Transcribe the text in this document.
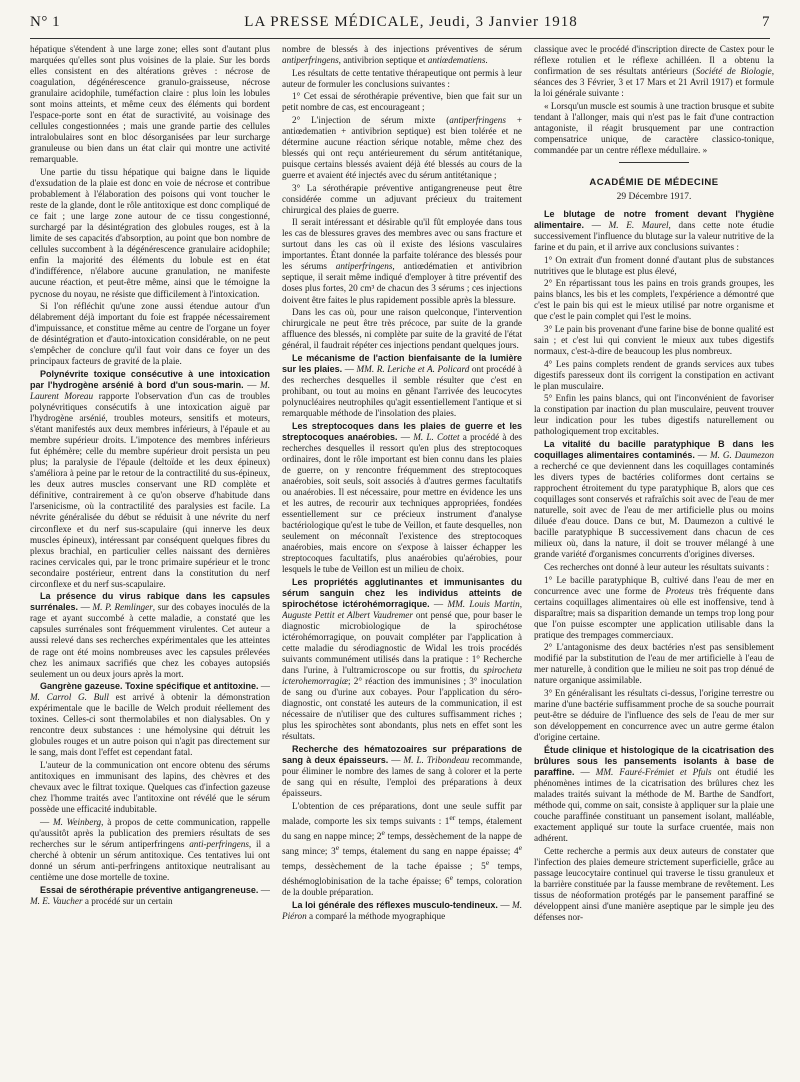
N° 1	LA PRESSE MÉDICALE, Jeudi, 3 Janvier 1918	7

hépatique s'étendent à une large zone; elles sont d'autant plus marquées qu'elles sont plus voisines de la plaie. Sur les bords elles consistent en des altérations grèves : nécrose de coagulation, dégénérescence granulo-graisseuse, nécrose granulaire acidophile, tuméfaction claire : plus loin les lobules sont moins atteints, et même ceux des éléments qui bordent l'espace-porte sont en état de suractivité, au voisinage des cellules congestionnées ; mais une grande partie des cellules intralobulaires sont en bloc désorganisées par leur surcharge granuleuse ou bien dans un état clair qui montre une activité remarquable.

Une partie du tissu hépatique qui baigne dans le liquide d'exsudation de la plaie est donc en voie de nécrose et contribue probablement à l'élaboration des poisons qui vont toucher le reste de la glande, dont le rôle antitoxique est donc compliqué de ce fait ; une large zone autour de ce tissu congestionné, surchargé par la désintégration des globules rouges, est à la limite de ses capacités d'absorption, au point que bon nombre de cellules succombent à la dégénérescence granulaire acidophile; enfin la majorité des éléments du lobule est en état d'indifférence, n'élabore aucune granulation, ne manifeste aucune réaction, et peut-être même, ainsi que le témoigne la pycnose du noyau, ne résiste que difficilement à l'intoxication.

Si l'on réfléchit qu'une zone aussi étendue autour d'un délabrement déjà important du foie est frappée nécessairement d'impuissance, et constitue même au centre de l'organe un foyer de désintégration et d'auto-intoxication considérable, on ne peut s'empêcher de conclure qu'il faut voir dans ce foyer un des principaux facteurs de gravité de la plaie.

Polynévrite toxique consécutive à une intoxication par l'hydrogène arsénié à bord d'un sous-marin. — M. Laurent Moreau rapporte l'observation d'un cas de troubles polynévritiques consécutifs à une intoxication aiguë par l'hydrogène arsénié, troubles moteurs, sensitifs et moteurs, s'étant manifestés aux deux membres inférieurs, à l'épaule et au membre supérieur droits. L'impotence des membres inférieurs fut éphémère; celle du membre supérieur droit persista un peu plus; la paralysie de l'épaule (deltoïde et les deux épineux) s'améliora à peine par le retour de la contractilité du sus-épineux, les deux autres muscles conservant une RD complète et définitive, contrairement à ce qu'on observe d'habitude dans l'arsenicisme, où la contractilité des paralysies est facile. La névrite généralisée du début se réduisit à une névrite du nerf circonflexe et du nerf sus-scapulaire (qui innerve les deux muscles épineux), intéressant par conséquent quelques fibres du plexus brachial, en particulier celles naissant des dernières racines cervicales qui, par le tronc primaire supérieur et le tronc secondaire postérieur, entrent dans la constitution du nerf circonflexe et du nerf sus-scapulaire.

La présence du virus rabique dans les capsules surrénales. — M. P. Remlinger, sur des cobayes inoculés de la rage et ayant succombé à cette maladie, a constaté que les capsules surrénales sont fréquemment virulentes. Cet auteur a aussi relevé dans ses recherches expérimentales que les atteintes de rage ont été moins nombreuses avec les capsules prélevées chez les animaux sacrifiés que chez les cobayes autopsiés seulement un ou deux jours après la mort.

Gangrène gazeuse. Toxine spécifique et antitoxine. — M. Carrol G. Bull est arrivé à obtenir la démonstration expérimentale que le bacille de Welch produit réellement des toxines. Celles-ci sont thermolabiles et non dialysables. On y rencontre deux substances : une hémolysine qui détruit les globules rouges et un autre poison qui n'agit pas directement sur le sang, mais dont l'effet est cependant fatal.

L'auteur de la communication ont encore obtenu des sérums antitoxiques en immunisant des lapins, des chèvres et des chevaux avec le filtrat toxique. Quelques cas d'infection gazeuse chez l'homme traités avec l'antitoxine ont révélé que le sérum possède une efficacité indubitable.

— M. Weinberg, à propos de cette communication, rappelle qu'aussitôt après la publication des premiers résultats de ses recherches sur le sérum antiperfringens anti-perfringens, il a cherché à obtenir un sérum antitoxique. Ces tentatives lui ont donné un sérum anti-perfringens antitoxique neutralisant au centième une dose mortelle de toxine.

Essai de sérothérapie préventive antigangreneuse. — M. E. Vaucher a procédé sur un certain

nombre de blessés à des injections préventives de sérum antiperfringens, antivibrion septique et antiœdematiens.

Les résultats de cette tentative thérapeutique ont permis à leur auteur de formuler les conclusions suivantes :

1° Cet essai de sérothérapie préventive, bien que fait sur un petit nombre de cas, est encourageant ;

2° L'injection de sérum mixte (antiperfringens + antiœdematien + antivibrion septique) est bien tolérée et ne détermine aucune réaction sérique notable, même chez des blessés qui ont reçu antérieurement du sérum antitétanique, puisque certains blessés avaient déjà été blessés au cours de la guerre et avaient été injectés avec du sérum antitétanique ;

3° La sérothérapie préventive antigangreneuse peut être considérée comme un adjuvant précieux du traitement chirurgical des plaies de guerre.

Il serait intéressant et désirable qu'il fût employée dans tous les cas de blessures graves des membres avec ou sans fracture et surtout dans les cas où il existe des lésions vasculaires importantes. Étant donnée la parfaite tolérance des blessés pour les sérums antiperfringens, antiœdématien et antivibrion septique, il serait même indiqué d'employer à titre préventif des doses plus fortes, 20 cm³ de chacun des 3 sérums ; ces injections doivent être faites le plus rapidement possible après la blessure.

Dans les cas où, pour une raison quelconque, l'intervention chirurgicale ne peut être très précoce, par suite de la grande affluence des blessés, ni complète par suite de la gravité de l'état général, il faudrait répéter ces injections pendant quelques jours.

Le mécanisme de l'action bienfaisante de la lumière sur les plaies. — MM. R. Leriche et A. Policard ont procédé à des recherches desquelles il semble résulter que c'est en prohibant, ou tout au moins en gênant l'arrivée des leucocytes polynucléaires neutrophiles qu'agit essentiellement l'antique et si remarquable méthode de l'insolation des plaies.

Les streptocoques dans les plaies de guerre et les streptocoques anaérobies. — M. L. Cottet a procédé à des recherches desquelles il ressort qu'en plus des streptocoques ordinaires, dont le rôle important est bien connu dans les plaies de guerre, on y rencontre fréquemment des streptocoques anaérobies, soit seuls, soit associés à d'autres germes facultatifs ou anaérobies. Il est nécessaire, pour mettre en évidence les uns et les autres, de recourir aux techniques appropriées, fondées essentiellement sur ce précieux instrument d'analyse bactériologique qu'est le tube de Veillon, et faute desquelles, non seulement on méconnaît l'existence des streptocoques anaérobies, mais encore on s'expose à laisser échapper les streptocoques facultatifs, plus anaérobies qu'aérobies, pour lesquels le tube de Veillon est un milieu de choix.

Les propriétés agglutinantes et immunisantes du sérum sanguin chez les individus atteints de spirochétose ictérohémorragique. — MM. Louis Martin, Auguste Pettit et Albert Vaudremer ont pensé que, pour baser le diagnostic microbiologique de la spirochétose ictérohémorragique, on pouvait compléter par l'application à cette maladie du sérodiagnostic de Widal les trois procédés suivants communément utilisés dans la pratique : 1° Recherche dans l'urine, à l'ultramicroscope ou sur frottis, du spirocheta icterohemorragiæ; 2° réaction des immunisines ; 3° inoculation de sang ou d'urine aux cobayes. Pour l'application du séro-diagnostic, ont constaté les auteurs de la communication, il est nécessaire de n'utiliser que des cultures suffisamment riches ; plus les spirochètes sont abondants, plus nets en effet sont les résultats.

Recherche des hématozoaires sur préparations de sang à deux épaisseurs. — M. L. Tribondeau recommande, pour éliminer le nombre des lames de sang à colorer et la perte de sang qui en résulte, l'emploi des préparations à deux épaisseurs.

L'obtention de ces préparations, dont une seule suffit par malade, comporte les six temps suivants : 1er temps, étalement du sang en nappe mince; 2e temps, dessèchement de la nappe de sang mince; 3e temps, étalement du sang en nappe épaisse; 4e temps, dessèchement de la tache épaisse ; 5e temps, déshémoglobinisation de la tache épaisse; 6e temps, coloration de la double préparation.

La loi générale des réflexes musculo-tendineux. — M. Piéron a comparé la méthode myographique

classique avec le procédé d'inscription directe de Castex pour le réflexe rotulien et le réflexe achilléen. Il a obtenu la confirmation de ses résultats antérieurs (Société de Biologie, séances des 3 Février, 3 et 17 Mars et 21 Avril 1917) et formule la loi générale suivante :

« Lorsqu'un muscle est soumis à une traction brusque et subite tendant à l'allonger, mais qui n'est pas le fait d'une contraction antagoniste, il réagit brusquement par une contraction compensatrice unique, de caractère classico-tonique, commandée par un centre réflexe médullaire. »

ACADÉMIE DE MÉDECINE
29 Décembre 1917.

Le blutage de notre froment devant l'hygiène alimentaire. — M. E. Maurel, dans cette note étudie successivement l'influence du blutage sur la valeur nutritive de la farine et du pain, et il arrive aux conclusions suivantes :

1° On extrait d'un froment donné d'autant plus de substances nutritives que le blutage est plus élevé,

2° En répartissant tous les pains en trois grands groupes, les pains blancs, les bis et les complets, l'expérience a démontré que c'est le pain bis qui est le mieux utilisé par notre organisme et que c'est le pain complet qui l'est le moins.

3° Le pain bis provenant d'une farine bise de bonne qualité est sain ; et c'est lui qui convient le mieux aux tubes digestifs normaux, c'est-à-dire de beaucoup les plus nombreux.

4° Les pains complets rendent de grands services aux tubes digestifs paresseux dont ils corrigent la constipation en activant le plan musculaire.

5° Enfin les pains blancs, qui ont l'inconvénient de favoriser la constipation par inaction du plan musculaire, peuvent trouver leur indication pour les tubes digestifs naturellement ou pathologiquement trop excitables.

La vitalité du bacille paratyphique B dans les coquillages alimentaires contaminés. — M. G. Daumezon a recherché ce que deviennent dans les coquillages contaminés les divers types de bactéries coliformes dont certains se rapprochent étroitement du type paratyphique B, alors que ces coquillages sont conservés et rafraîchis soit avec de l'eau de mer naturelle, soit avec de l'eau de mer artificielle plus ou moins diluée d'eau douce. Dans ce but, M. Daumezon a cultivé le bacille paratyphique B successivement dans chacun de ces milieux où, dans la nature, il doit se trouver mélangé à une grande variété d'organismes concurrents d'origines diverses.

Ces recherches ont donné à leur auteur les résultats suivants :

1° Le bacille paratyphique B, cultivé dans l'eau de mer en concurrence avec une forme de Proteus très fréquente dans certains coquillages alimentaires où elle est inoffensive, tend à disparaître; mais sa disparition demande un temps trop long pour que l'on puisse escompter une application utilisable dans la pratique des trempages commerciaux.

2° L'antagonisme des deux bactéries n'est pas sensiblement modifié par la substitution de l'eau de mer artificielle à l'eau de mer naturelle, à condition que le milieu ne soit pas trop dénué de nature organique assimilable.

3° En généralisant les résultats ci-dessus, l'origine terrestre ou marine d'une bactérie suffisamment proche de sa souche pourrait peut-être se déduire de l'influence des sels de l'eau de mer sur son développement en concurrence avec un autre germe étalon d'origine certaine.

Étude clinique et histologique de la cicatrisation des brûlures sous les pansements isolants à base de paraffine. — MM. Fauré-Frémiet et Pfuls ont étudié les phénomènes intimes de la cicatrisation des brûlures chez les malades traités suivant la méthode de M. Barthe de Sandfort, méthode qui, comme on sait, consiste à appliquer sur la plaie une couche paraffinée constituant un pansement isolant, malléable, exactement appliqué sur toute la surface cruentée, mais non adhérent.

Cette recherche a permis aux deux auteurs de constater que l'infection des plaies demeure strictement superficielle, grâce au passage leucocytaire continuel qui traverse le tissu granuleux et la barrière constituée par la fausse membrane de revêtement. Les tissus de néoformation protégés par le pansement paraffiné se développent ainsi d'une manière aseptique par le simple jeu des défenses nor-
